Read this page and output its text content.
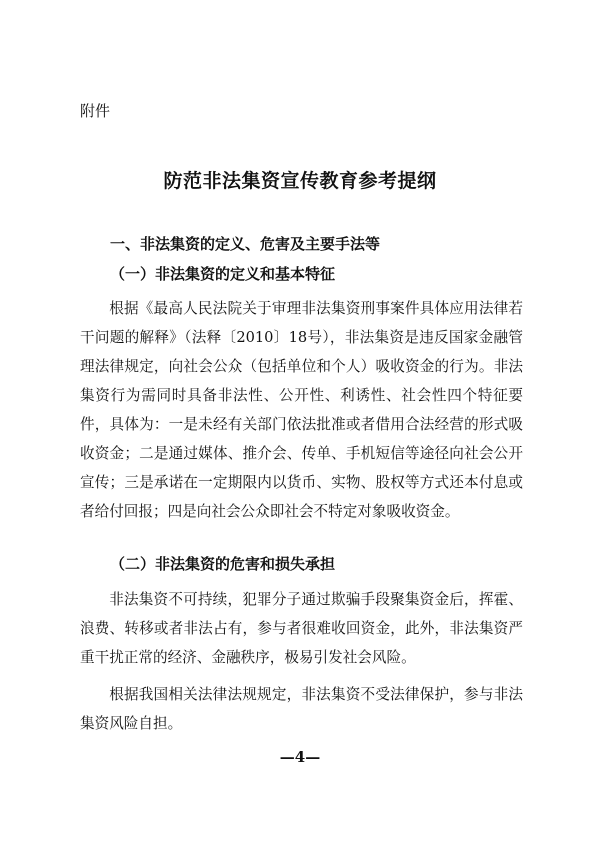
附件
防范非法集资宣传教育参考提纲
一、非法集资的定义、危害及主要手法等
（一）非法集资的定义和基本特征

根据《最高人民法院关于审理非法集资刑事案件具体应用法律若干问题的解释》（法释〔2010〕18号），非法集资是违反国家金融管理法律规定，向社会公众（包括单位和个人）吸收资金的行为。非法集资行为需同时具备非法性、公开性、利诱性、社会性四个特征要件，具体为：一是未经有关部门依法批准或者借用合法经营的形式吸收资金；二是通过媒体、推介会、传单、手机短信等途径向社会公开宣传；三是承诺在一定期限内以货币、实物、股权等方式还本付息或者给付回报；四是向社会公众即社会不特定对象吸收资金。

（二）非法集资的危害和损失承担

非法集资不可持续，犯罪分子通过欺骗手段聚集资金后，挥霍、浪费、转移或者非法占有，参与者很难收回资金，此外，非法集资严重干扰正常的经济、金融秩序，极易引发社会风险。

根据我国相关法律法规规定，非法集资不受法律保护，参与非法集资风险自担。

—4—
